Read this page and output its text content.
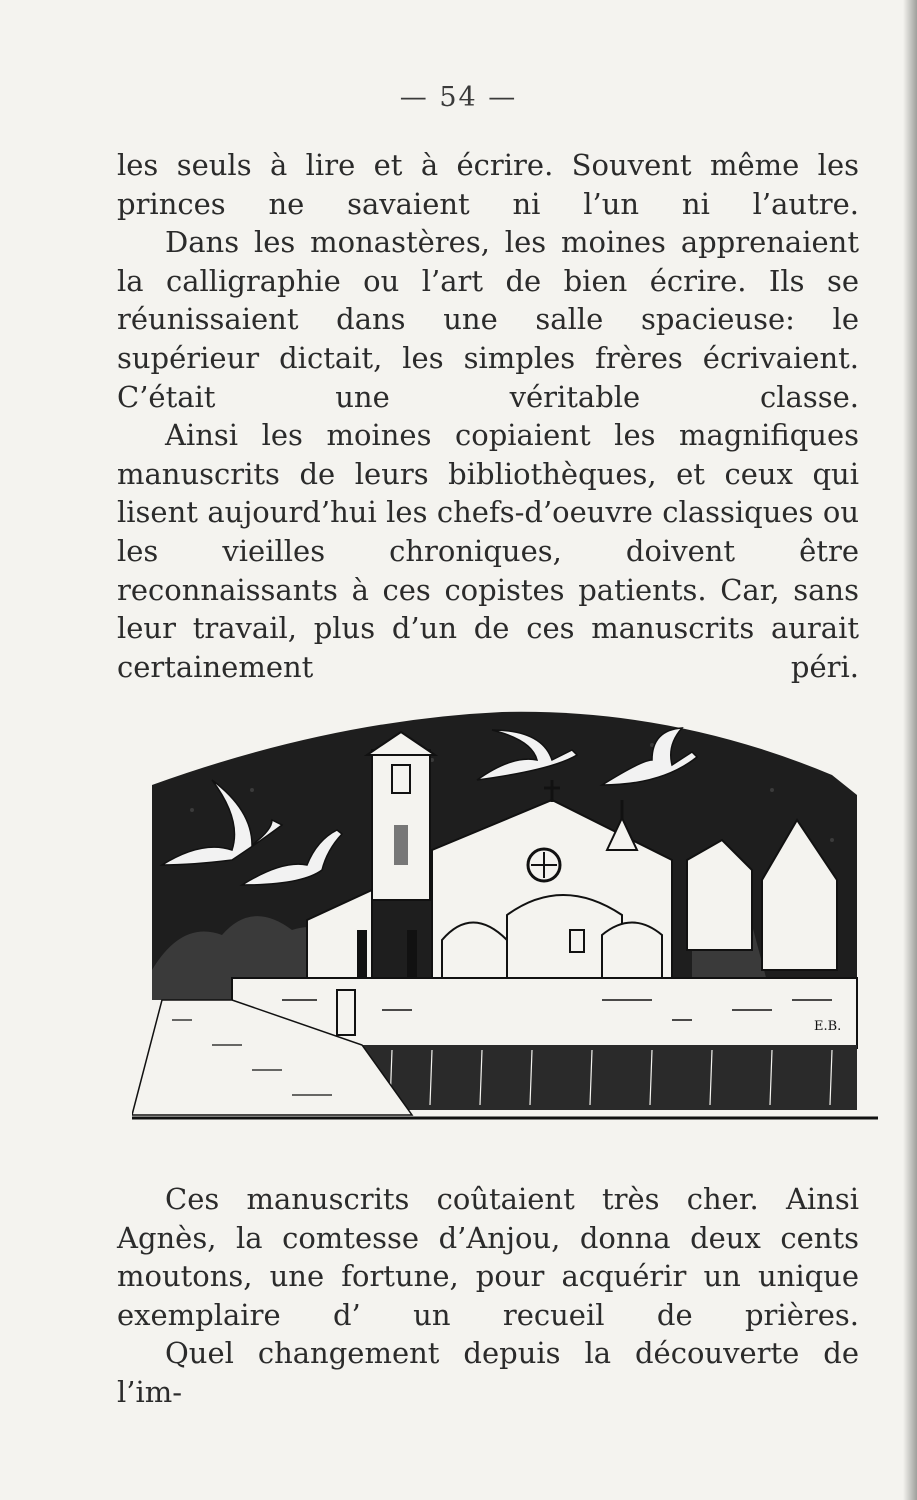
— 54 —

les seuls à lire et à écrire. Souvent même les princes ne savaient ni l’un ni l’autre.

Dans les monastères, les moines apprenaient la calligraphie ou l’art de bien écrire. Ils se réunissaient dans une salle spacieuse: le supérieur dictait, les simples frères écrivaient. C’était une véritable classe.

Ainsi les moines copiaient les magnifiques manuscrits de leurs bibliothèques, et ceux qui lisent aujourd’hui les chefs-d’oeuvre classiques ou les vieilles chroniques, doivent être reconnaissants à ces copistes patients. Car, sans leur travail, plus d’un de ces manuscrits aurait certainement péri.

E.B.

Ces manuscrits coûtaient très cher. Ainsi Agnès, la comtesse d’Anjou, donna deux cents moutons, une fortune, pour acquérir un unique exemplaire d’ un recueil de prières.

Quel changement depuis la découverte de l’im-
